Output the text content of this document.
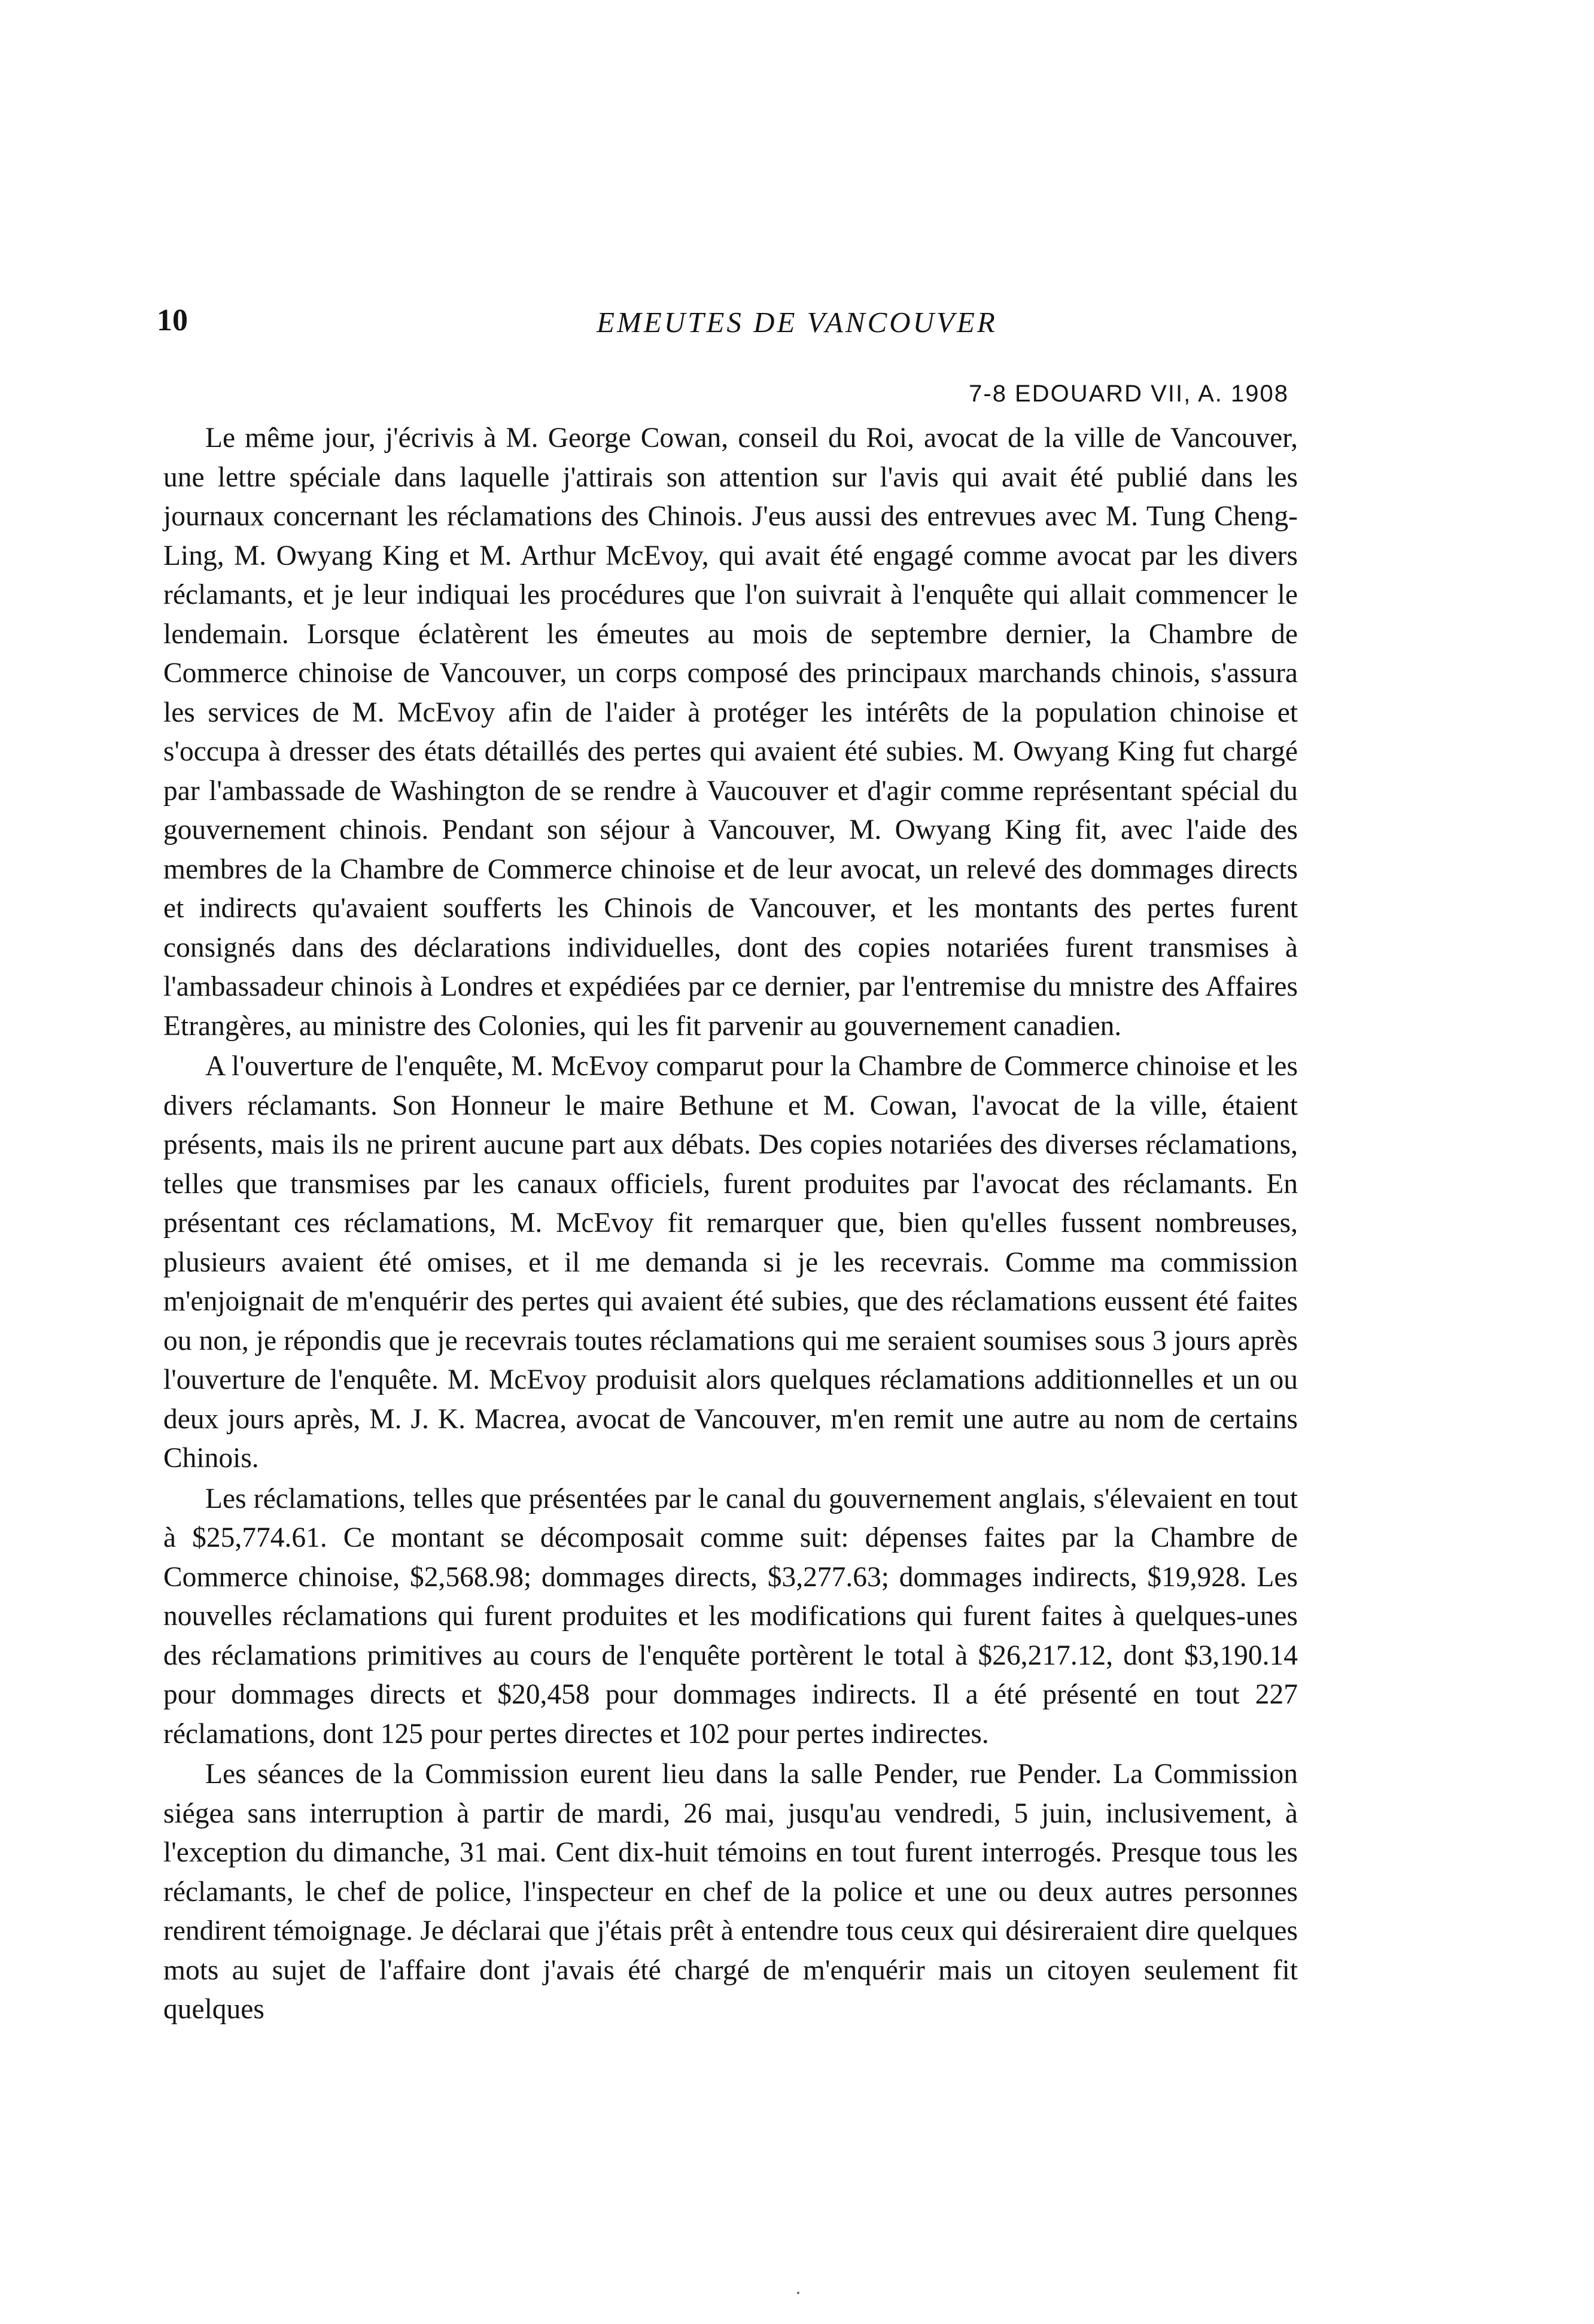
10	EMEUTES DE VANCOUVER
7-8 EDOUARD VII, A. 1908

Le même jour, j'écrivis à M. George Cowan, conseil du Roi, avocat de la ville de Vancouver, une lettre spéciale dans laquelle j'attirais son attention sur l'avis qui avait été publié dans les journaux concernant les réclamations des Chinois. J'eus aussi des entrevues avec M. Tung Cheng-Ling, M. Owyang King et M. Arthur McEvoy, qui avait été engagé comme avocat par les divers réclamants, et je leur indiquai les procédures que l'on suivrait à l'enquête qui allait commencer le lendemain. Lorsque éclatèrent les émeutes au mois de septembre dernier, la Chambre de Commerce chinoise de Vancouver, un corps composé des principaux marchands chinois, s'assura les services de M. McEvoy afin de l'aider à protéger les intérêts de la population chinoise et s'occupa à dresser des états détaillés des pertes qui avaient été subies. M. Owyang King fut chargé par l'ambassade de Washington de se rendre à Vaucouver et d'agir comme représentant spécial du gouvernement chinois. Pendant son séjour à Vancouver, M. Owyang King fit, avec l'aide des membres de la Chambre de Commerce chinoise et de leur avocat, un relevé des dommages directs et indirects qu'avaient soufferts les Chinois de Vancouver, et les montants des pertes furent consignés dans des déclarations individuelles, dont des copies notariées furent transmises à l'ambassadeur chinois à Londres et expédiées par ce dernier, par l'entremise du mnistre des Affaires Etrangères, au ministre des Colonies, qui les fit parvenir au gouvernement canadien.

A l'ouverture de l'enquête, M. McEvoy comparut pour la Chambre de Commerce chinoise et les divers réclamants. Son Honneur le maire Bethune et M. Cowan, l'avocat de la ville, étaient présents, mais ils ne prirent aucune part aux débats. Des copies notariées des diverses réclamations, telles que transmises par les canaux officiels, furent produites par l'avocat des réclamants. En présentant ces réclamations, M. McEvoy fit remarquer que, bien qu'elles fussent nombreuses, plusieurs avaient été omises, et il me demanda si je les recevrais. Comme ma commission m'enjoignait de m'enquérir des pertes qui avaient été subies, que des réclamations eussent été faites ou non, je répondis que je recevrais toutes réclamations qui me seraient soumises sous 3 jours après l'ouverture de l'enquête. M. McEvoy produisit alors quelques réclamations additionnelles et un ou deux jours après, M. J. K. Macrea, avocat de Vancouver, m'en remit une autre au nom de certains Chinois.

Les réclamations, telles que présentées par le canal du gouvernement anglais, s'élevaient en tout à $25,774.61. Ce montant se décomposait comme suit: dépenses faites par la Chambre de Commerce chinoise, $2,568.98; dommages directs, $3,277.63; dommages indirects, $19,928. Les nouvelles réclamations qui furent produites et les modifications qui furent faites à quelques-unes des réclamations primitives au cours de l'enquête portèrent le total à $26,217.12, dont $3,190.14 pour dommages directs et $20,458 pour dommages indirects. Il a été présenté en tout 227 réclamations, dont 125 pour pertes directes et 102 pour pertes indirectes.

Les séances de la Commission eurent lieu dans la salle Pender, rue Pender. La Commission siégea sans interruption à partir de mardi, 26 mai, jusqu'au vendredi, 5 juin, inclusivement, à l'exception du dimanche, 31 mai. Cent dix-huit témoins en tout furent interrogés. Presque tous les réclamants, le chef de police, l'inspecteur en chef de la police et une ou deux autres personnes rendirent témoignage. Je déclarai que j'étais prêt à entendre tous ceux qui désireraient dire quelques mots au sujet de l'affaire dont j'avais été chargé de m'enquérir mais un citoyen seulement fit quelques
